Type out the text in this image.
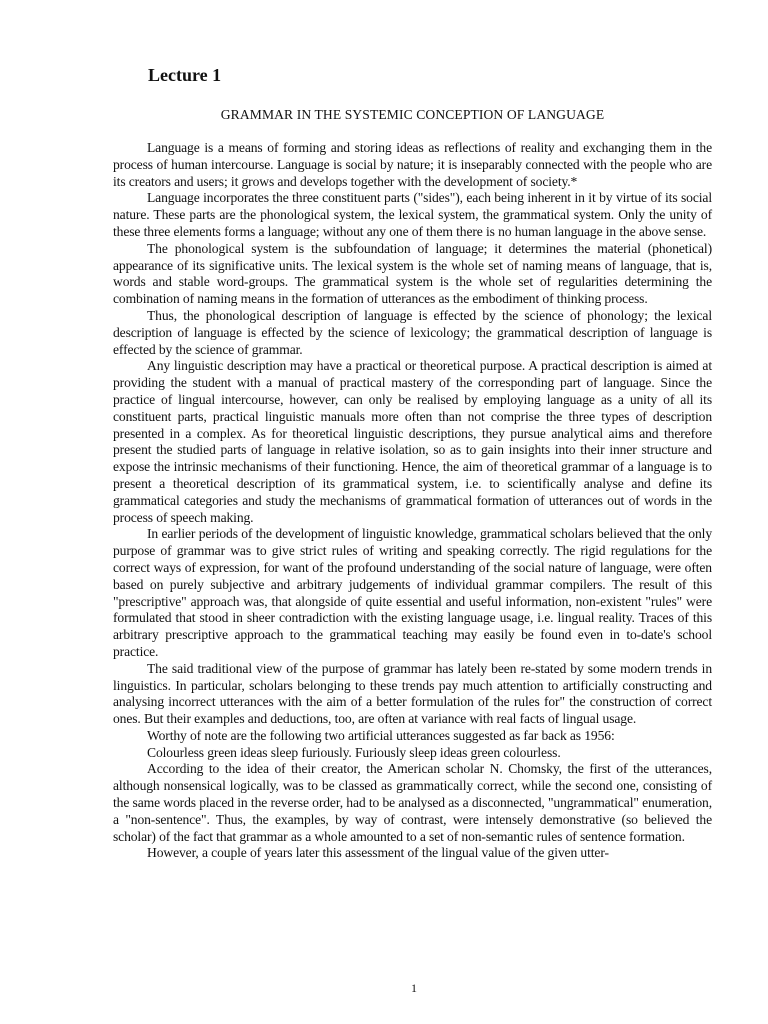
Lecture 1
GRAMMAR IN THE SYSTEMIC CONCEPTION OF LANGUAGE

Language is a means of forming and storing ideas as reflections of reality and exchanging them in the process of human intercourse. Language is social by nature; it is inseparably connected with the people who are its creators and users; it grows and develops together with the development of society.*

Language incorporates the three constituent parts ("sides"), each being inherent in it by virtue of its social nature. These parts are the phonological system, the lexical system, the grammatical system. Only the unity of these three elements forms a language; without any one of them there is no human language in the above sense.

The phonological system is the subfoundation of language; it determines the material (phonetical) appearance of its significative units. The lexical system is the whole set of naming means of language, that is, words and stable word-groups. The grammatical system is the whole set of regularities determining the combination of naming means in the formation of utterances as the embodiment of thinking process.

Thus, the phonological description of language is effected by the science of phonology; the lexical description of language is effected by the science of lexicology; the grammatical description of language is effected by the science of grammar.

Any linguistic description may have a practical or theoretical purpose. A practical description is aimed at providing the student with a manual of practical mastery of the corresponding part of language. Since the practice of lingual intercourse, however, can only be realised by employing language as a unity of all its constituent parts, practical linguistic manuals more often than not comprise the three types of description presented in a complex. As for theoretical linguistic descriptions, they pursue analytical aims and therefore present the studied parts of language in relative isolation, so as to gain insights into their inner structure and expose the intrinsic mechanisms of their functioning. Hence, the aim of theoretical grammar of a language is to present a theoretical description of its grammatical system, i.e. to scientifically analyse and define its grammatical categories and study the mechanisms of grammatical formation of utterances out of words in the process of speech making.

In earlier periods of the development of linguistic knowledge, grammatical scholars believed that the only purpose of grammar was to give strict rules of writing and speaking correctly. The rigid regulations for the correct ways of expression, for want of the profound understanding of the social nature of language, were often based on purely subjective and arbitrary judgements of individual grammar compilers. The result of this "prescriptive" approach was, that alongside of quite essential and useful information, non-existent "rules" were formulated that stood in sheer contradiction with the existing language usage, i.e. lingual reality. Traces of this arbitrary prescriptive approach to the grammatical teaching may easily be found even in to-date's school practice.

The said traditional view of the purpose of grammar has lately been re-stated by some modern trends in linguistics. In particular, scholars belonging to these trends pay much attention to artificially constructing and analysing incorrect utterances with the aim of a better formulation of the rules for" the construction of correct ones. But their examples and deductions, too, are often at variance with real facts of lingual usage.

Worthy of note are the following two artificial utterances suggested as far back as 1956:

Colourless green ideas sleep furiously. Furiously sleep ideas green colourless.

According to the idea of their creator, the American scholar N. Chomsky, the first of the utterances, although nonsensical logically, was to be classed as grammatically correct, while the second one, consisting of the same words placed in the reverse order, had to be analysed as a disconnected, "ungrammatical" enumeration, a "non-sentence". Thus, the examples, by way of contrast, were intensely demonstrative (so believed the scholar) of the fact that grammar as a whole amounted to a set of non-semantic rules of sentence formation.

However, a couple of years later this assessment of the lingual value of the given utter-

1
